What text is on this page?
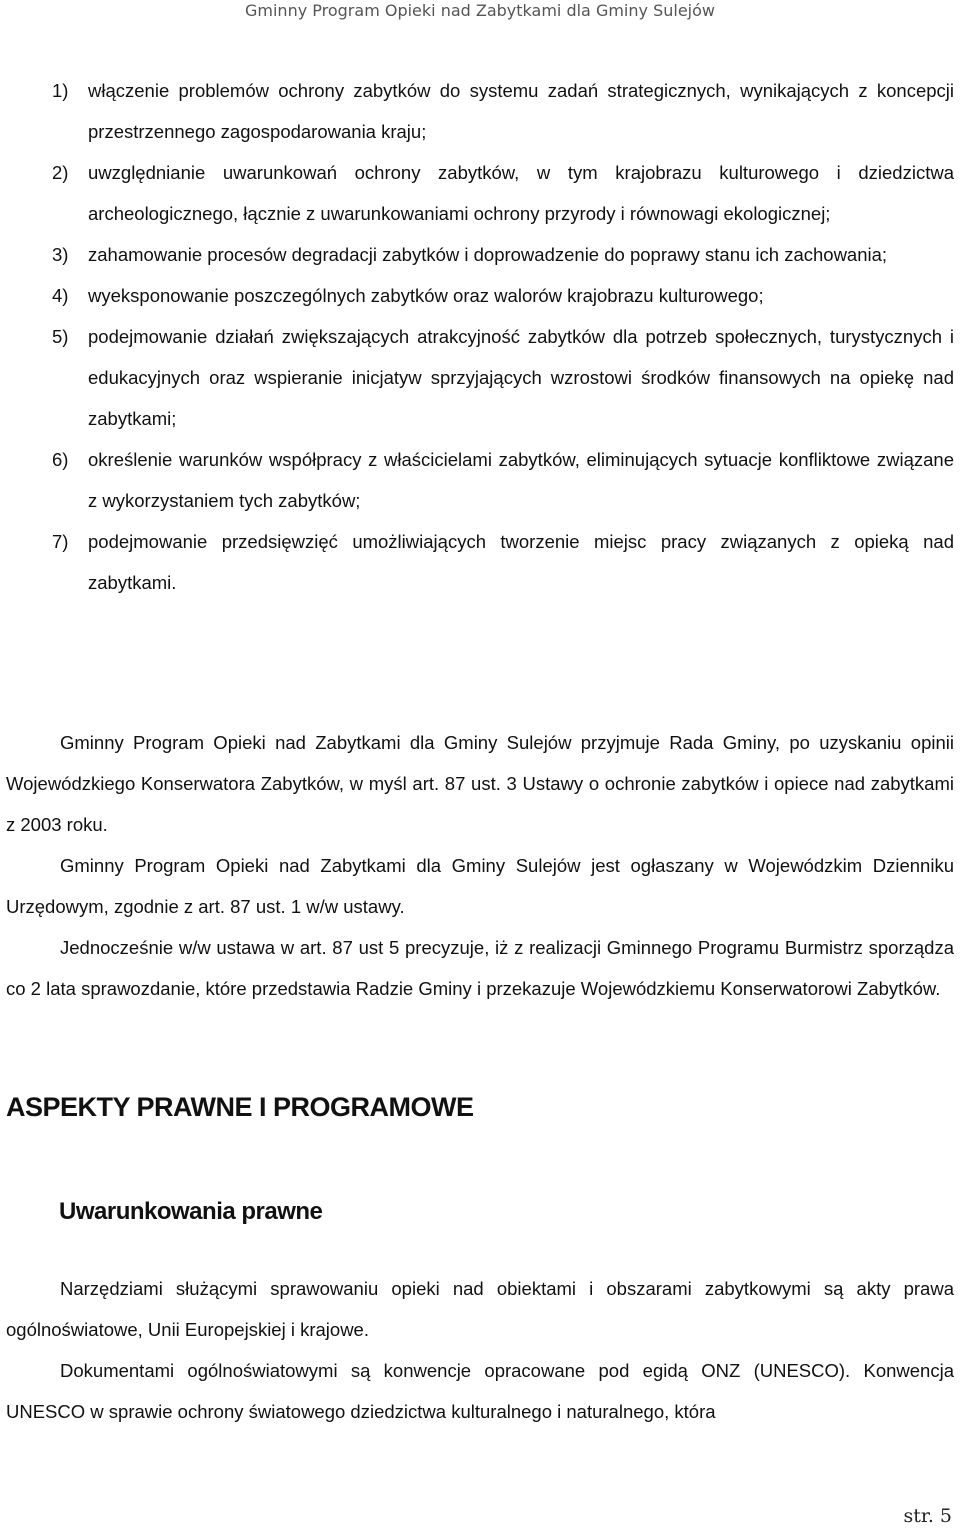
Gminny Program Opieki nad Zabytkami dla Gminy Sulejów
1) włączenie problemów ochrony zabytków do systemu zadań strategicznych, wynikających z koncepcji przestrzennego zagospodarowania kraju;
2) uwzględnianie uwarunkowań ochrony zabytków, w tym krajobrazu kulturowego i dziedzictwa archeologicznego, łącznie z uwarunkowaniami ochrony przyrody i równowagi ekologicznej;
3) zahamowanie procesów degradacji zabytków i doprowadzenie do poprawy stanu ich zachowania;
4) wyeksponowanie poszczególnych zabytków oraz walorów krajobrazu kulturowego;
5) podejmowanie działań zwiększających atrakcyjność zabytków dla potrzeb społecznych, turystycznych i edukacyjnych oraz wspieranie inicjatyw sprzyjających wzrostowi środków finansowych na opiekę nad zabytkami;
6) określenie warunków współpracy z właścicielami zabytków, eliminujących sytuacje konfliktowe związane z wykorzystaniem tych zabytków;
7) podejmowanie przedsięwzięć umożliwiających tworzenie miejsc pracy związanych z opieką nad zabytkami.

Gminny Program Opieki nad Zabytkami dla Gminy Sulejów przyjmuje Rada Gminy, po uzyskaniu opinii Wojewódzkiego Konserwatora Zabytków, w myśl art. 87 ust. 3 Ustawy o ochronie zabytków i opiece nad zabytkami z 2003 roku.

Gminny Program Opieki nad Zabytkami dla Gminy Sulejów jest ogłaszany w Wojewódzkim Dzienniku Urzędowym, zgodnie z art. 87 ust. 1 w/w ustawy.

Jednocześnie w/w ustawa w art. 87 ust 5 precyzuje, iż z realizacji Gminnego Programu Burmistrz sporządza co 2 lata sprawozdanie, które przedstawia Radzie Gminy i przekazuje Wojewódzkiemu Konserwatorowi Zabytków.

ASPEKTY PRAWNE I PROGRAMOWE
Uwarunkowania prawne

Narzędziami służącymi sprawowaniu opieki nad obiektami i obszarami zabytkowymi są akty prawa ogólnoświatowe, Unii Europejskiej i krajowe.

Dokumentami ogólnoświatowymi są konwencje opracowane pod egidą ONZ (UNESCO). Konwencja UNESCO w sprawie ochrony światowego dziedzictwa kulturalnego i naturalnego, która

str. 5
